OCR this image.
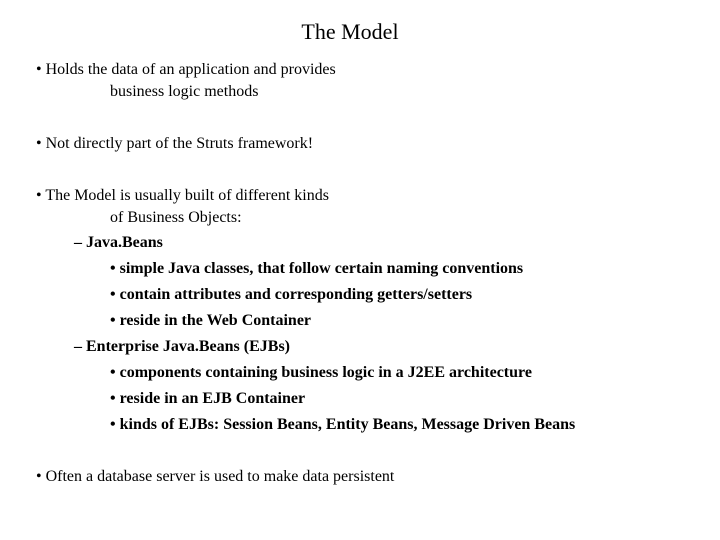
The Model
• Holds the data of an application and provides
business logic methods
• Not directly part of the Struts framework!
• The Model is usually built of different kinds
of Business Objects:
– Java.Beans
• simple Java classes, that follow certain naming conventions
• contain attributes and corresponding getters/setters
• reside in the Web Container
– Enterprise Java.Beans (EJBs)
• components containing business logic in a J2EE architecture
• reside in an EJB Container
• kinds of EJBs: Session Beans, Entity Beans, Message Driven Beans
• Often a database server is used to make data persistent
